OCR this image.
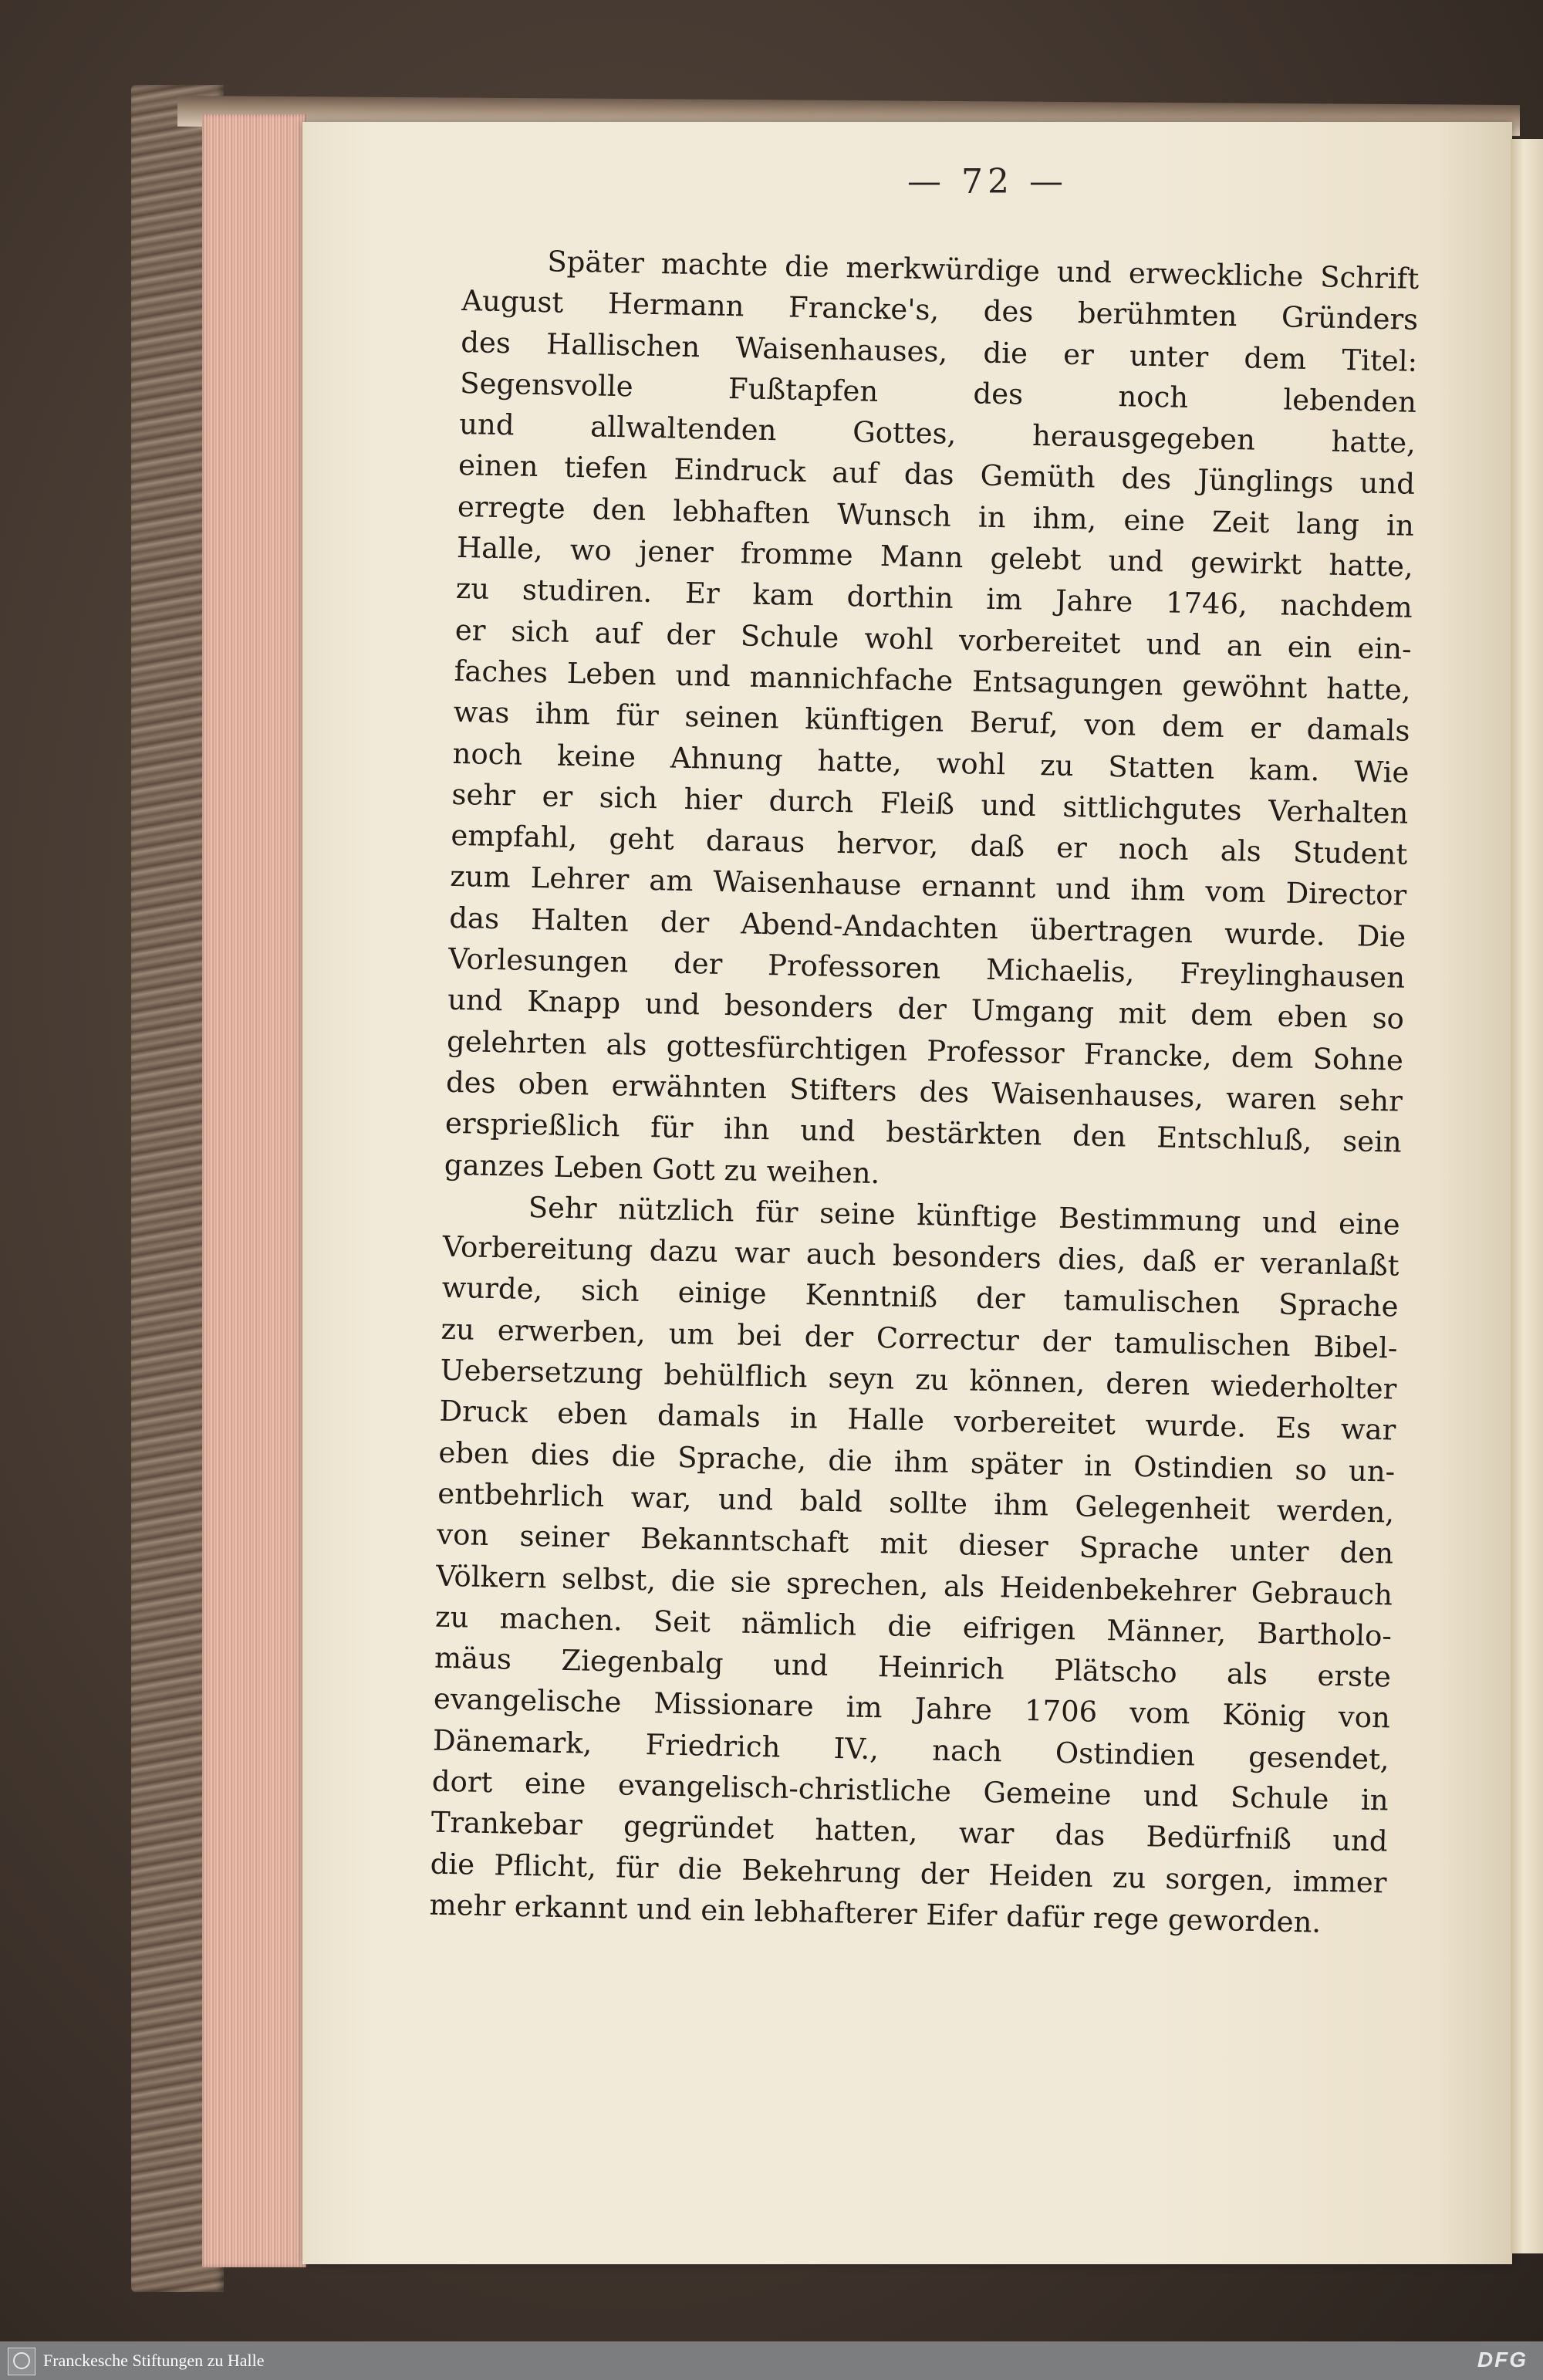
— 72 —
Später machte die merkwürdige und erweckliche Schrift
August Hermann Francke's, des berühmten Gründers
des Hallischen Waisenhauses, die er unter dem Titel:
Segensvolle Fußtapfen des noch lebenden
und allwaltenden Gottes, herausgegeben hatte,
einen tiefen Eindruck auf das Gemüth des Jünglings und
erregte den lebhaften Wunsch in ihm, eine Zeit lang in
Halle, wo jener fromme Mann gelebt und gewirkt hatte,
zu studiren. Er kam dorthin im Jahre 1746, nachdem
er sich auf der Schule wohl vorbereitet und an ein ein-
faches Leben und mannichfache Entsagungen gewöhnt hatte,
was ihm für seinen künftigen Beruf, von dem er damals
noch keine Ahnung hatte, wohl zu Statten kam. Wie
sehr er sich hier durch Fleiß und sittlichgutes Verhalten
empfahl, geht daraus hervor, daß er noch als Student
zum Lehrer am Waisenhause ernannt und ihm vom Director
das Halten der Abend-Andachten übertragen wurde. Die
Vorlesungen der Professoren Michaelis, Freylinghausen
und Knapp und besonders der Umgang mit dem eben so
gelehrten als gottesfürchtigen Professor Francke, dem Sohne
des oben erwähnten Stifters des Waisenhauses, waren sehr
ersprießlich für ihn und bestärkten den Entschluß, sein
ganzes Leben Gott zu weihen.
Sehr nützlich für seine künftige Bestimmung und eine
Vorbereitung dazu war auch besonders dies, daß er veranlaßt
wurde, sich einige Kenntniß der tamulischen Sprache
zu erwerben, um bei der Correctur der tamulischen Bibel-
Uebersetzung behülflich seyn zu können, deren wiederholter
Druck eben damals in Halle vorbereitet wurde. Es war
eben dies die Sprache, die ihm später in Ostindien so un-
entbehrlich war, und bald sollte ihm Gelegenheit werden,
von seiner Bekanntschaft mit dieser Sprache unter den
Völkern selbst, die sie sprechen, als Heidenbekehrer Gebrauch
zu machen. Seit nämlich die eifrigen Männer, Bartholo-
mäus Ziegenbalg und Heinrich Plätscho als erste
evangelische Missionare im Jahre 1706 vom König von
Dänemark, Friedrich IV., nach Ostindien gesendet,
dort eine evangelisch-christliche Gemeine und Schule in
Trankebar gegründet hatten, war das Bedürfniß und
die Pflicht, für die Bekehrung der Heiden zu sorgen, immer
mehr erkannt und ein lebhafterer Eifer dafür rege geworden.
Franckesche Stiftungen zu Halle	DFG
